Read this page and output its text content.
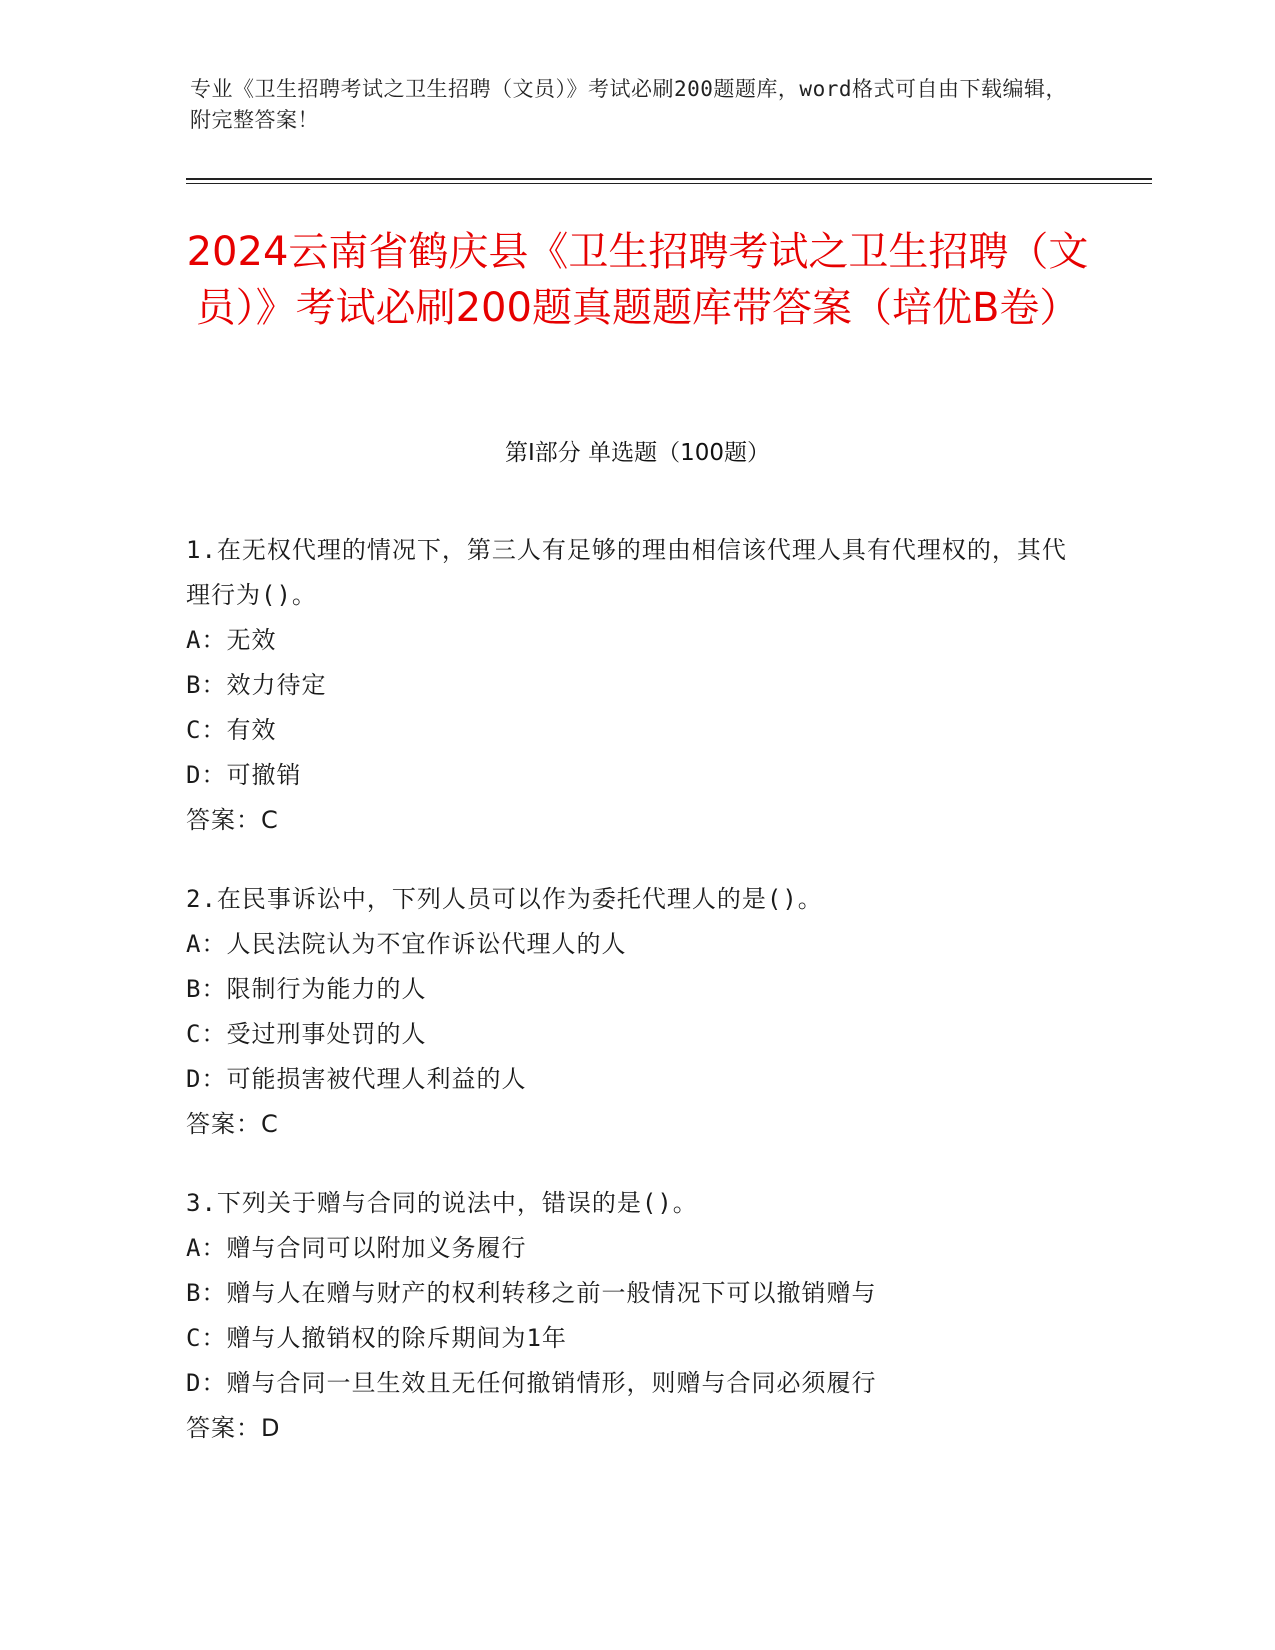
专业《卫生招聘考试之卫生招聘（文员）》考试必刷200题题库，word格式可自由下载编辑，附完整答案！
2024云南省鹤庆县《卫生招聘考试之卫生招聘（文员）》考试必刷200题真题题库带答案（培优B卷）
第I部分 单选题（100题）
1.在无权代理的情况下，第三人有足够的理由相信该代理人具有代理权的，其代理行为()。
A：无效
B：效力待定
C：有效
D：可撤销
答案：C
2.在民事诉讼中，下列人员可以作为委托代理人的是()。
A：人民法院认为不宜作诉讼代理人的人
B：限制行为能力的人
C：受过刑事处罚的人
D：可能损害被代理人利益的人
答案：C
3.下列关于赠与合同的说法中，错误的是()。
A：赠与合同可以附加义务履行
B：赠与人在赠与财产的权利转移之前一般情况下可以撤销赠与
C：赠与人撤销权的除斥期间为1年
D：赠与合同一旦生效且无任何撤销情形，则赠与合同必须履行
答案：D
